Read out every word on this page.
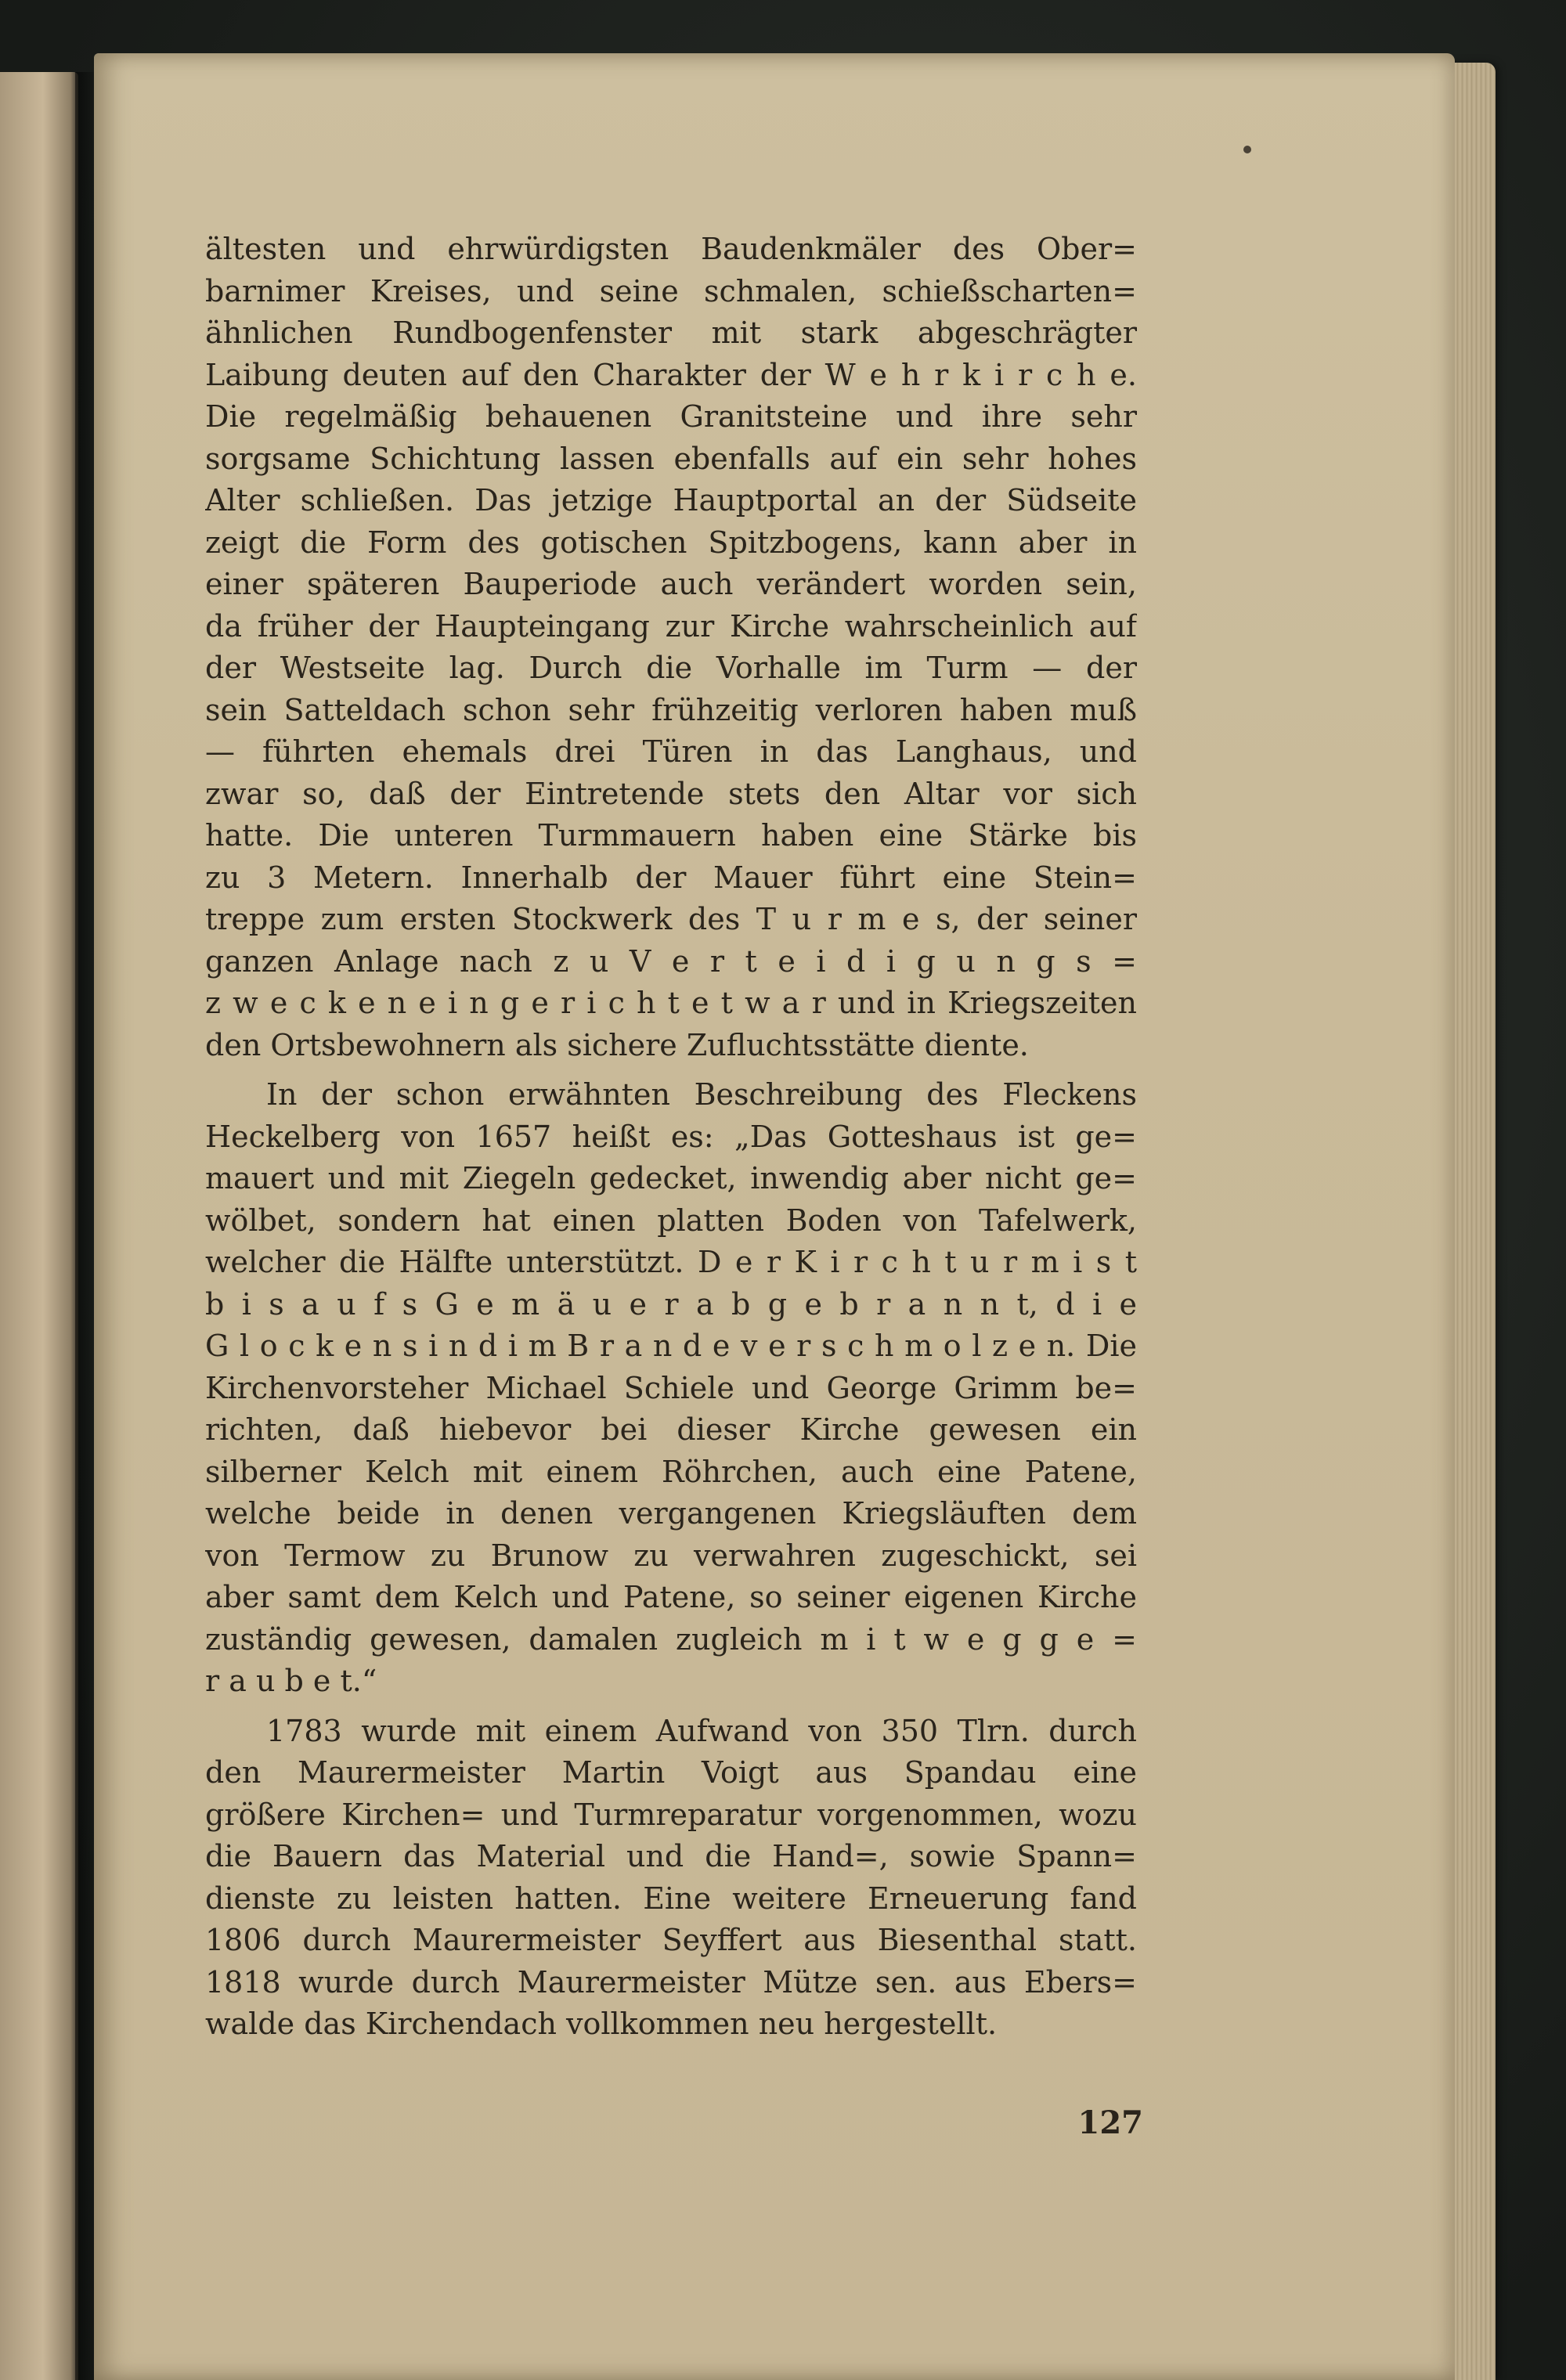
ältesten und ehrwürdigsten Baudenkmäler des Ober=
barnimer Kreises, und seine schmalen, schießscharten=
ähnlichen Rundbogenfenster mit stark abgeschrägter
Laibung deuten auf den Charakter der W e h r k i r c h e.
Die regelmäßig behauenen Granitsteine und ihre sehr
sorgsame Schichtung lassen ebenfalls auf ein sehr hohes
Alter schließen. Das jetzige Hauptportal an der Südseite
zeigt die Form des gotischen Spitzbogens, kann aber in
einer späteren Bauperiode auch verändert worden sein,
da früher der Haupteingang zur Kirche wahrscheinlich auf
der Westseite lag. Durch die Vorhalle im Turm — der
sein Satteldach schon sehr frühzeitig verloren haben muß
— führten ehemals drei Türen in das Langhaus, und
zwar so, daß der Eintretende stets den Altar vor sich
hatte. Die unteren Turmmauern haben eine Stärke bis
zu 3 Metern. Innerhalb der Mauer führt eine Stein=
treppe zum ersten Stockwerk des T u r m e s, der seiner
ganzen Anlage nach z u V e r t e i d i g u n g s =
z w e c k e n e i n g e r i c h t e t w a r und in Kriegszeiten
den Ortsbewohnern als sichere Zufluchtsstätte diente.
In der schon erwähnten Beschreibung des Fleckens
Heckelberg von 1657 heißt es: „Das Gotteshaus ist ge=
mauert und mit Ziegeln gedecket, inwendig aber nicht ge=
wölbet, sondern hat einen platten Boden von Tafelwerk,
welcher die Hälfte unterstützt. D e r K i r c h t u r m i s t
b i s a u f s G e m ä u e r a b g e b r a n n t, d i e
G l o c k e n s i n d i m B r a n d e v e r s c h m o l z e n. Die
Kirchenvorsteher Michael Schiele und George Grimm be=
richten, daß hiebevor bei dieser Kirche gewesen ein
silberner Kelch mit einem Röhrchen, auch eine Patene,
welche beide in denen vergangenen Kriegsläuften dem
von Termow zu Brunow zu verwahren zugeschickt, sei
aber samt dem Kelch und Patene, so seiner eigenen Kirche
zuständig gewesen, damalen zugleich m i t w e g g e =
r a u b e t.“
1783 wurde mit einem Aufwand von 350 Tlrn. durch
den Maurermeister Martin Voigt aus Spandau eine
größere Kirchen= und Turmreparatur vorgenommen, wozu
die Bauern das Material und die Hand=, sowie Spann=
dienste zu leisten hatten. Eine weitere Erneuerung fand
1806 durch Maurermeister Seyffert aus Biesenthal statt.
1818 wurde durch Maurermeister Mütze sen. aus Ebers=
walde das Kirchendach vollkommen neu hergestellt.
127
